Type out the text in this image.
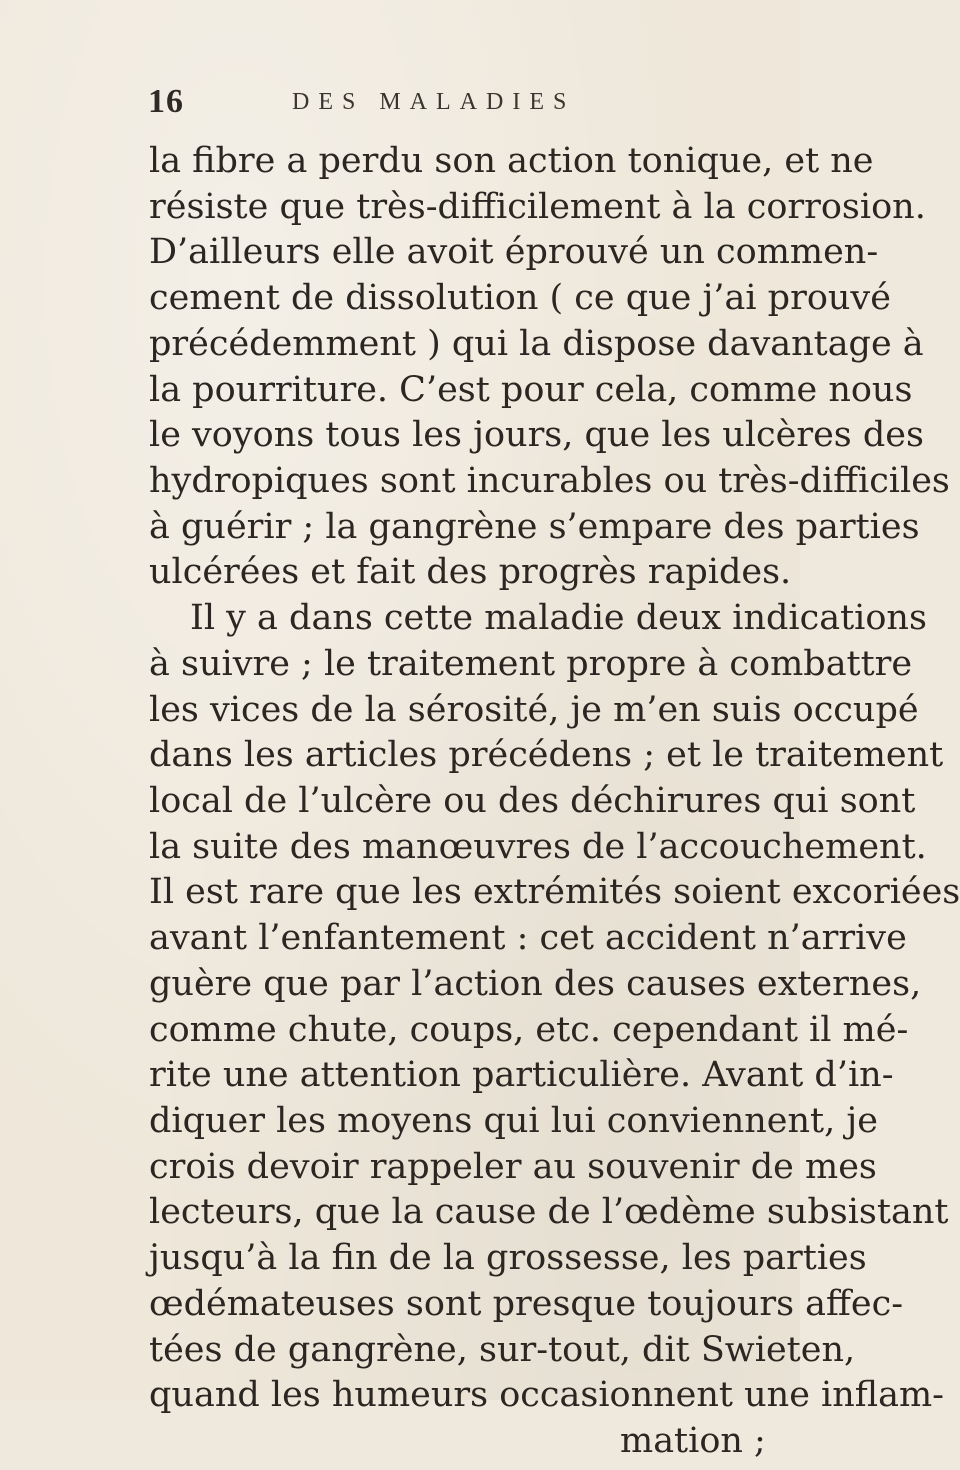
16	DES MALADIES
la fibre a perdu son action tonique, et ne
résiste que très-difficilement à la corrosion.
D’ailleurs elle avoit éprouvé un commen-
cement de dissolution ( ce que j’ai prouvé
précédemment ) qui la dispose davantage à
la pourriture. C’est pour cela, comme nous
le voyons tous les jours, que les ulcères des
hydropiques sont incurables ou très-difficiles
à guérir ; la gangrène s’empare des parties
ulcérées et fait des progrès rapides.
Il y a dans cette maladie deux indications
à suivre ; le traitement propre à combattre
les vices de la sérosité, je m’en suis occupé
dans les articles précédens ; et le traitement
local de l’ulcère ou des déchirures qui sont
la suite des manœuvres de l’accouchement.
Il est rare que les extrémités soient excoriées
avant l’enfantement : cet accident n’arrive
guère que par l’action des causes externes,
comme chute, coups, etc. cependant il mé-
rite une attention particulière. Avant d’in-
diquer les moyens qui lui conviennent, je
crois devoir rappeler au souvenir de mes
lecteurs, que la cause de l’œdème subsistant
jusqu’à la fin de la grossesse, les parties
œdémateuses sont presque toujours affec-
tées de gangrène, sur-tout, dit Swieten,
quand les humeurs occasionnent une inflam-
mation ;
